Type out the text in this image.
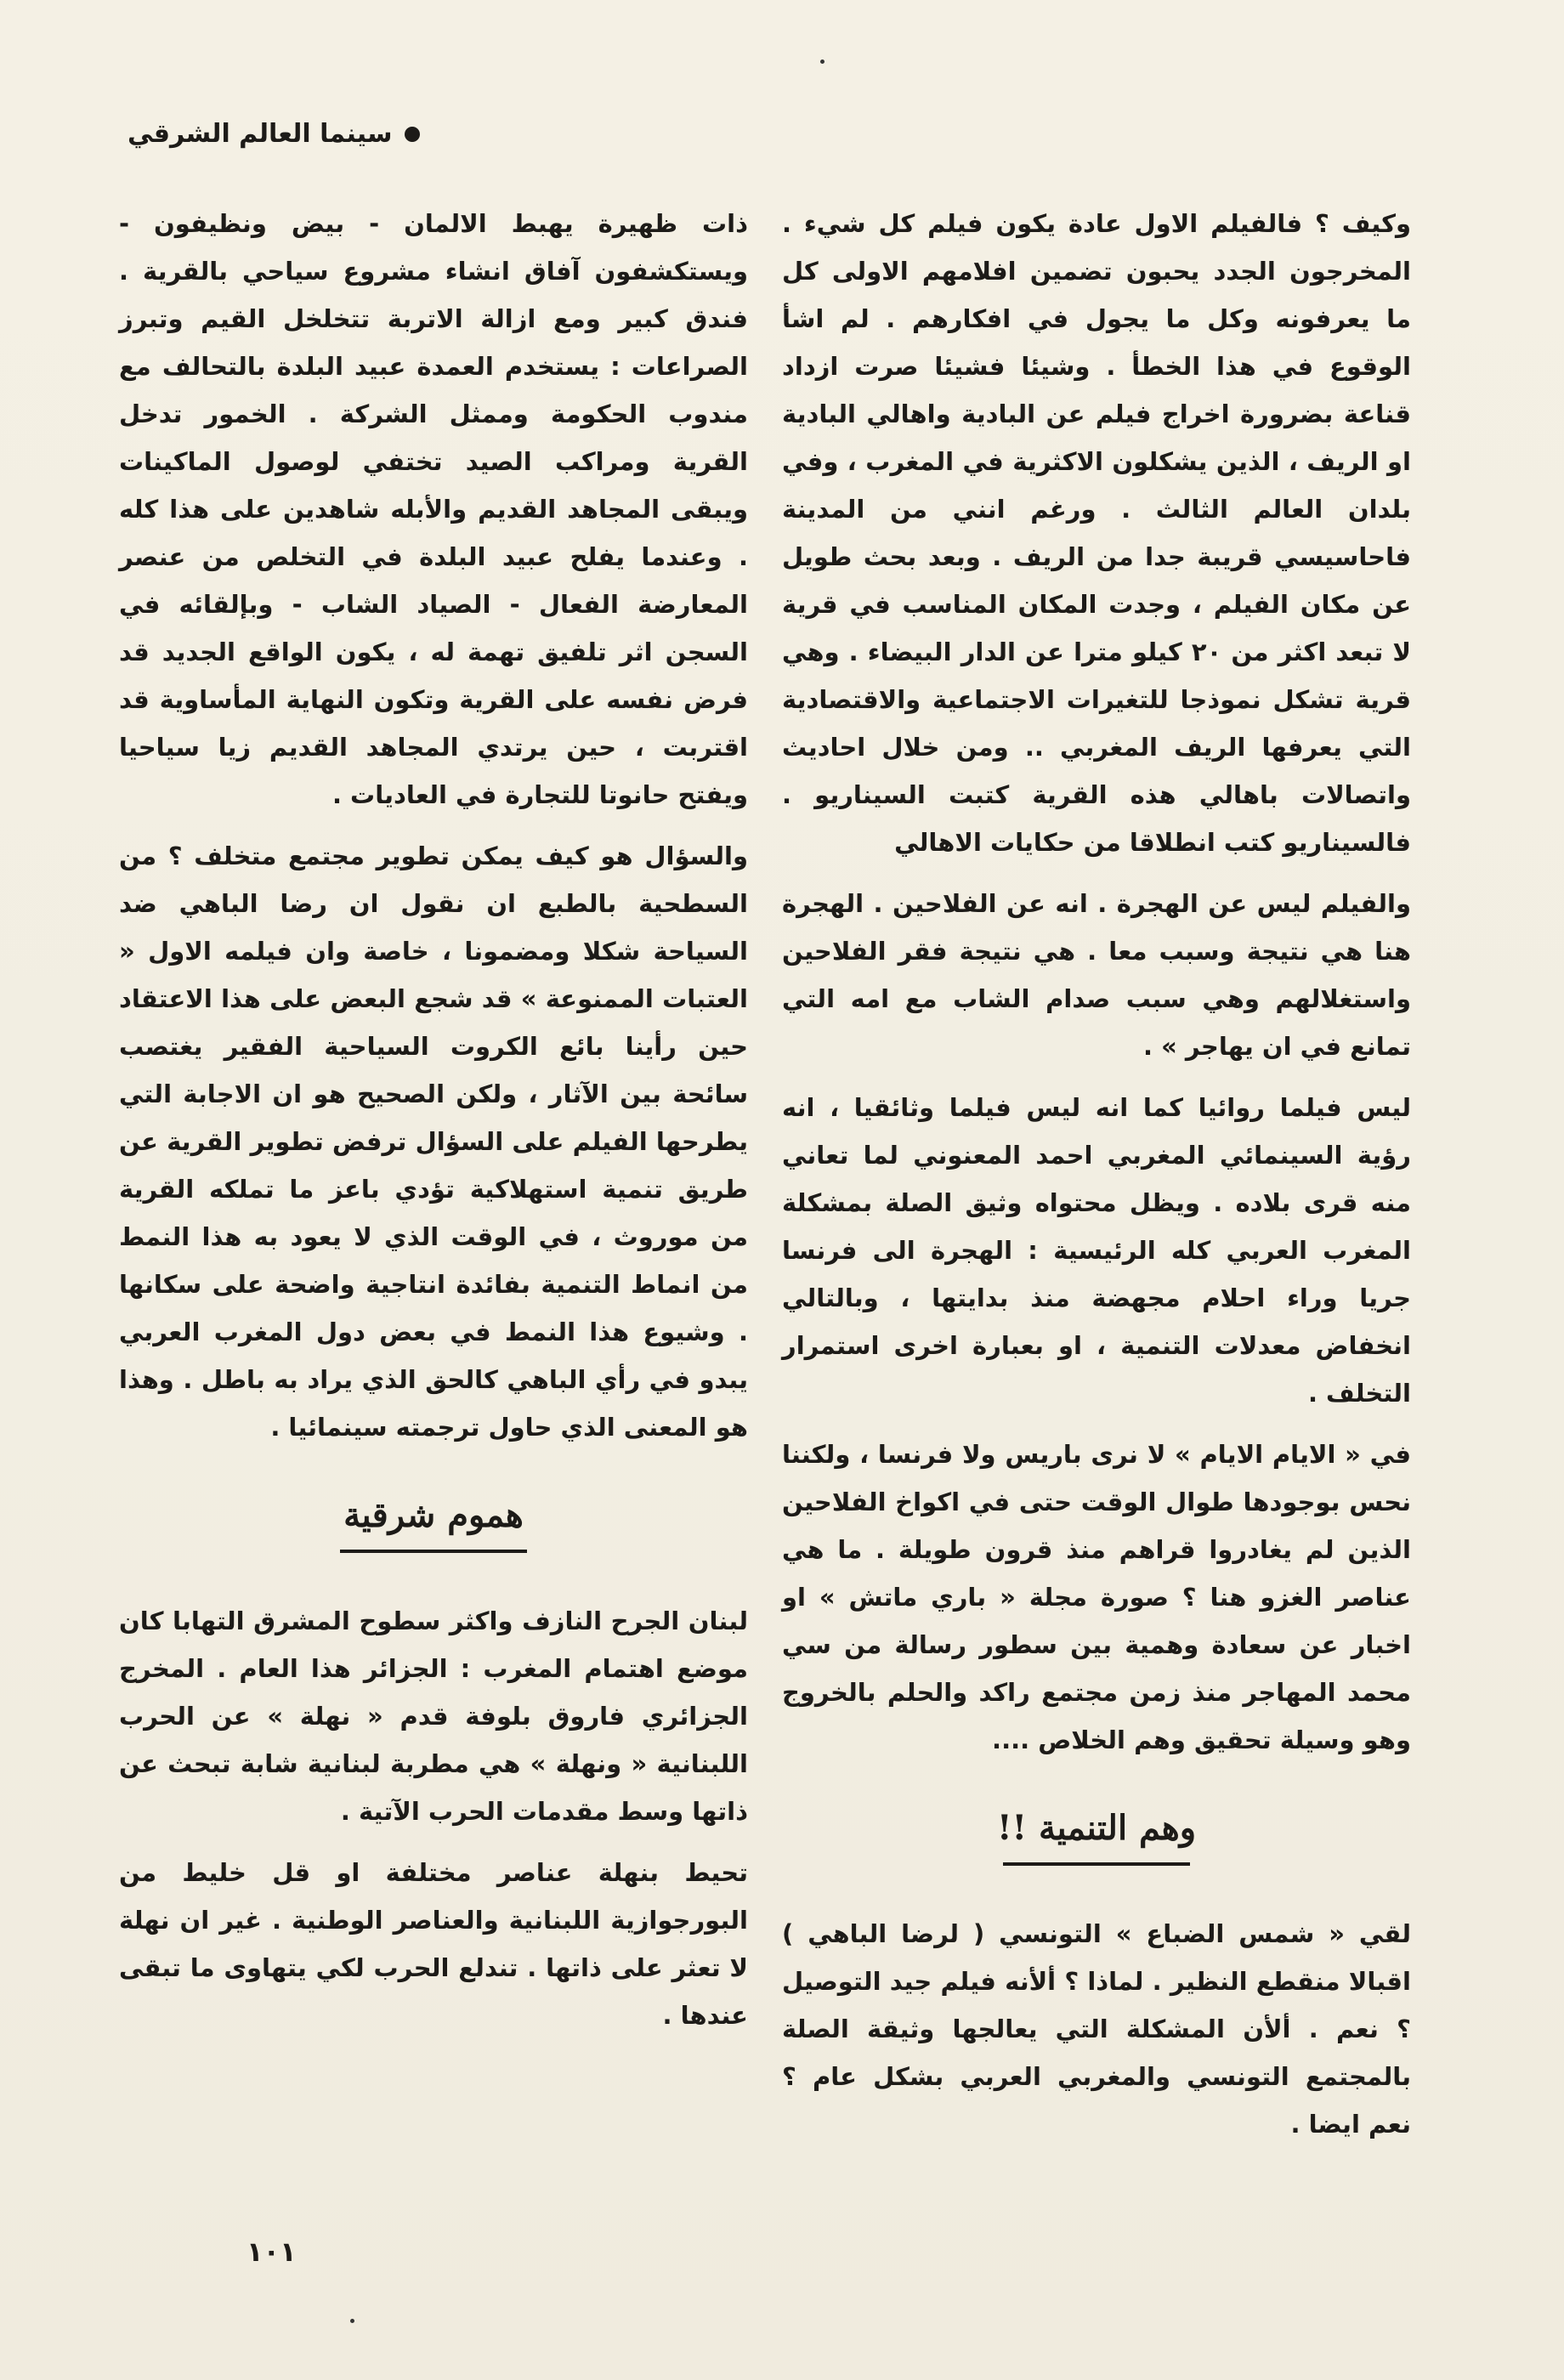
سينما العالم الشرقي

وكيف ؟ فالفيلم الاول عادة يكون فيلم كل شيء . المخرجون الجدد يحبون تضمين افلامهم الاولى كل ما يعرفونه وكل ما يجول في افكارهم . لم اشأ الوقوع في هذا الخطأ . وشيئا فشيئا صرت ازداد قناعة بضرورة اخراج فيلم عن البادية واهالي البادية او الريف ، الذين يشكلون الاكثرية في المغرب ، وفي بلدان العالم الثالث . ورغم انني من المدينة فاحاسيسي قريبة جدا من الريف . وبعد بحث طويل عن مكان الفيلم ، وجدت المكان المناسب في قرية لا تبعد اكثر من ٢٠ كيلو مترا عن الدار البيضاء . وهي قرية تشكل نموذجا للتغيرات الاجتماعية والاقتصادية التي يعرفها الريف المغربي .. ومن خلال احاديث واتصالات باهالي هذه القرية كتبت السيناريو . فالسيناريو كتب انطلاقا من حكايات الاهالي

والفيلم ليس عن الهجرة . انه عن الفلاحين . الهجرة هنا هي نتيجة وسبب معا . هي نتيجة فقر الفلاحين واستغلالهم وهي سبب صدام الشاب مع امه التي تمانع في ان يهاجر » .

ليس فيلما روائيا كما انه ليس فيلما وثائقيا ، انه رؤية السينمائي المغربي احمد المعنوني لما تعاني منه قرى بلاده . ويظل محتواه وثيق الصلة بمشكلة المغرب العربي كله الرئيسية : الهجرة الى فرنسا جريا وراء احلام مجهضة منذ بدايتها ، وبالتالي انخفاض معدلات التنمية ، او بعبارة اخرى استمرار التخلف .

في « الايام الايام » لا نرى باريس ولا فرنسا ، ولكننا نحس بوجودها طوال الوقت حتى في اكواخ الفلاحين الذين لم يغادروا قراهم منذ قرون طويلة . ما هي عناصر الغزو هنا ؟ صورة مجلة « باري ماتش » او اخبار عن سعادة وهمية بين سطور رسالة من سي محمد المهاجر منذ زمن مجتمع راكد والحلم بالخروج وهو وسيلة تحقيق وهم الخلاص ....

وهم التنمية !!

لقي « شمس الضباع » التونسي ( لرضا الباهي ) اقبالا منقطع النظير . لماذا ؟ ألأنه فيلم جيد التوصيل ؟ نعم . ألأن المشكلة التي يعالجها وثيقة الصلة بالمجتمع التونسي والمغربي العربي بشكل عام ؟ نعم ايضا .

ذات ظهيرة يهبط الالمان - بيض ونظيفون - ويستكشفون آفاق انشاء مشروع سياحي بالقرية . فندق كبير ومع ازالة الاتربة تتخلخل القيم وتبرز الصراعات : يستخدم العمدة عبيد البلدة بالتحالف مع مندوب الحكومة وممثل الشركة . الخمور تدخل القرية ومراكب الصيد تختفي لوصول الماكينات ويبقى المجاهد القديم والأبله شاهدين على هذا كله . وعندما يفلح عبيد البلدة في التخلص من عنصر المعارضة الفعال - الصياد الشاب - وبإلقائه في السجن اثر تلفيق تهمة له ، يكون الواقع الجديد قد فرض نفسه على القرية وتكون النهاية المأساوية قد اقتربت ، حين يرتدي المجاهد القديم زيا سياحيا ويفتح حانوتا للتجارة في العاديات .

والسؤال هو كيف يمكن تطوير مجتمع متخلف ؟ من السطحية بالطبع ان نقول ان رضا الباهي ضد السياحة شكلا ومضمونا ، خاصة وان فيلمه الاول « العتبات الممنوعة » قد شجع البعض على هذا الاعتقاد حين رأينا بائع الكروت السياحية الفقير يغتصب سائحة بين الآثار ، ولكن الصحيح هو ان الاجابة التي يطرحها الفيلم على السؤال ترفض تطوير القرية عن طريق تنمية استهلاكية تؤدي باعز ما تملكه القرية من موروث ، في الوقت الذي لا يعود به هذا النمط من انماط التنمية بفائدة انتاجية واضحة على سكانها . وشيوع هذا النمط في بعض دول المغرب العربي يبدو في رأي الباهي كالحق الذي يراد به باطل . وهذا هو المعنى الذي حاول ترجمته سينمائيا .

هموم شرقية

لبنان الجرح النازف واكثر سطوح المشرق التهابا كان موضع اهتمام المغرب : الجزائر هذا العام . المخرج الجزائري فاروق بلوفة قدم « نهلة » عن الحرب اللبنانية « ونهلة » هي مطربة لبنانية شابة تبحث عن ذاتها وسط مقدمات الحرب الآتية .

تحيط بنهلة عناصر مختلفة او قل خليط من البورجوازية اللبنانية والعناصر الوطنية . غير ان نهلة لا تعثر على ذاتها . تندلع الحرب لكي يتهاوى ما تبقى عندها .

١٠١
